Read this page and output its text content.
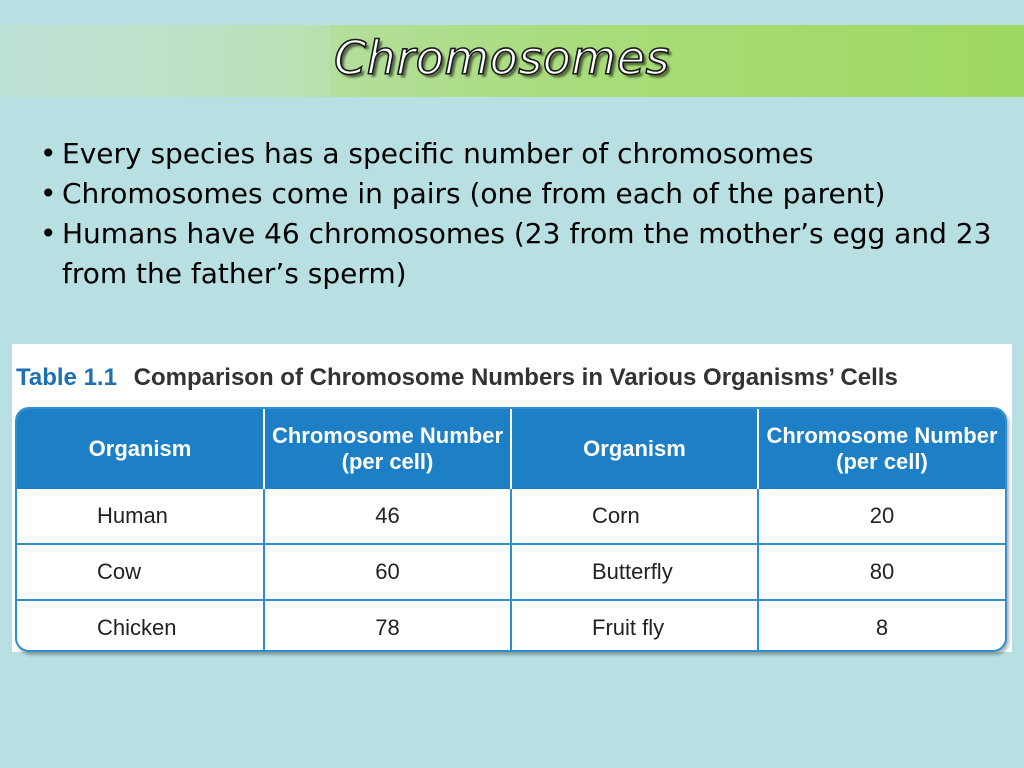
Chromosomes
• Every species has a specific number of chromosomes
• Chromosomes come in pairs (one from each of the parent)
• Humans have 46 chromosomes (23 from the mother’s egg and 23 from the father’s sperm)
Table 1.1 Comparison of Chromosome Numbers in Various Organisms’ Cells
Organism	Chromosome Number (per cell)	Organism	Chromosome Number (per cell)
Human	46	Corn	20
Cow	60	Butterfly	80
Chicken	78	Fruit fly	8
